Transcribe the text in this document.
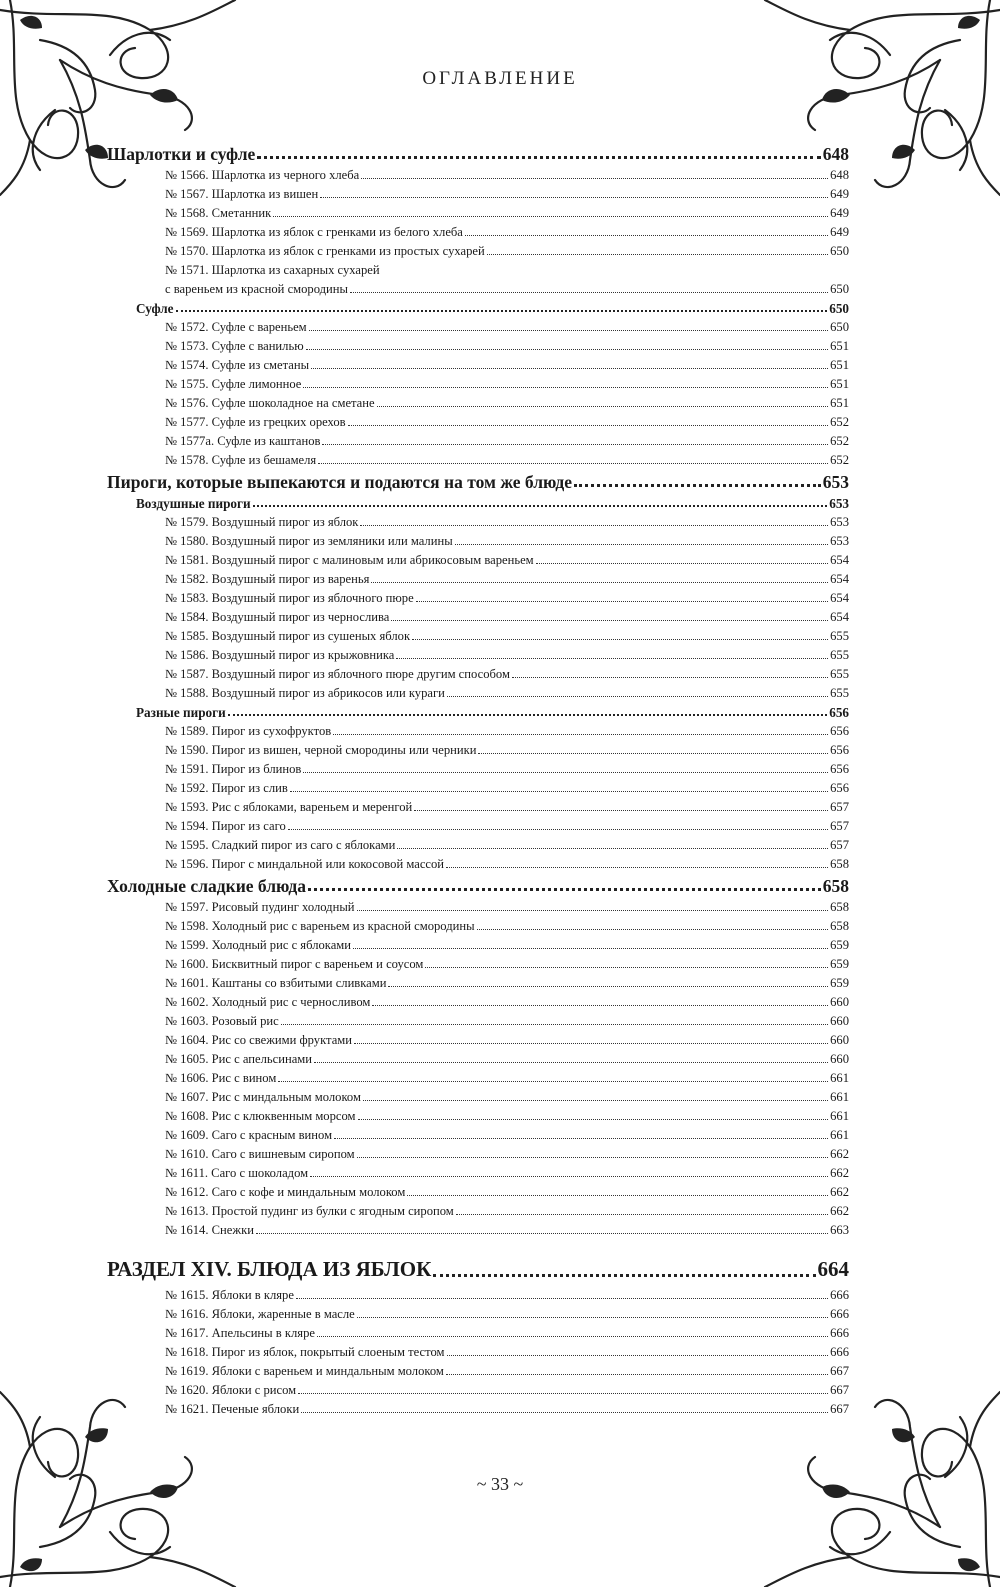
ОГЛАВЛЕНИЕ
Шарлотки и суфле	648
№ 1566. Шарлотка из черного хлеба	648
№ 1567. Шарлотка из вишен	649
№ 1568. Сметанник	649
№ 1569. Шарлотка из яблок с гренками из белого хлеба	649
№ 1570. Шарлотка из яблок с гренками из простых сухарей	650
№ 1571. Шарлотка из сахарных сухарей
с вареньем из красной смородины	650
Суфле	650
№ 1572. Суфле с вареньем	650
№ 1573. Суфле с ванилью	651
№ 1574. Суфле из сметаны	651
№ 1575. Суфле лимонное	651
№ 1576. Суфле шоколадное на сметане	651
№ 1577. Суфле из грецких орехов	652
№ 1577а. Суфле из каштанов	652
№ 1578. Суфле из бешамеля	652
Пироги, которые выпекаются и подаются на том же блюде	653
Воздушные пироги	653
№ 1579. Воздушный пирог из яблок	653
№ 1580. Воздушный пирог из земляники или малины	653
№ 1581. Воздушный пирог с малиновым или абрикосовым вареньем	654
№ 1582. Воздушный пирог из варенья	654
№ 1583. Воздушный пирог из яблочного пюре	654
№ 1584. Воздушный пирог из чернослива	654
№ 1585. Воздушный пирог из сушеных яблок	655
№ 1586. Воздушный пирог из крыжовника	655
№ 1587. Воздушный пирог из яблочного пюре другим способом	655
№ 1588. Воздушный пирог из абрикосов или кураги	655
Разные пироги	656
№ 1589. Пирог из сухофруктов	656
№ 1590. Пирог из вишен, черной смородины или черники	656
№ 1591. Пирог из блинов	656
№ 1592. Пирог из слив	656
№ 1593. Рис с яблоками, вареньем и меренгой	657
№ 1594. Пирог из саго	657
№ 1595. Сладкий пирог из саго с яблоками	657
№ 1596. Пирог с миндальной или кокосовой массой	658
Холодные сладкие блюда	658
№ 1597. Рисовый пудинг холодный	658
№ 1598. Холодный рис с вареньем из красной смородины	658
№ 1599. Холодный рис с яблоками	659
№ 1600. Бисквитный пирог с вареньем и соусом	659
№ 1601. Каштаны со взбитыми сливками	659
№ 1602. Холодный рис с черносливом	660
№ 1603. Розовый рис	660
№ 1604. Рис со свежими фруктами	660
№ 1605. Рис с апельсинами	660
№ 1606. Рис с вином	661
№ 1607. Рис с миндальным молоком	661
№ 1608. Рис с клюквенным морсом	661
№ 1609. Саго с красным вином	661
№ 1610. Саго с вишневым сиропом	662
№ 1611. Саго с шоколадом	662
№ 1612. Саго с кофе и миндальным молоком	662
№ 1613. Простой пудинг из булки с ягодным сиропом	662
№ 1614. Снежки	663
РАЗДЕЛ XIV. БЛЮДА ИЗ ЯБЛОК	664
№ 1615. Яблоки в кляре	666
№ 1616. Яблоки, жаренные в масле	666
№ 1617. Апельсины в кляре	666
№ 1618. Пирог из яблок, покрытый слоеным тестом	666
№ 1619. Яблоки с вареньем и миндальным молоком	667
№ 1620. Яблоки с рисом	667
№ 1621. Печеные яблоки	667
~ 33 ~
